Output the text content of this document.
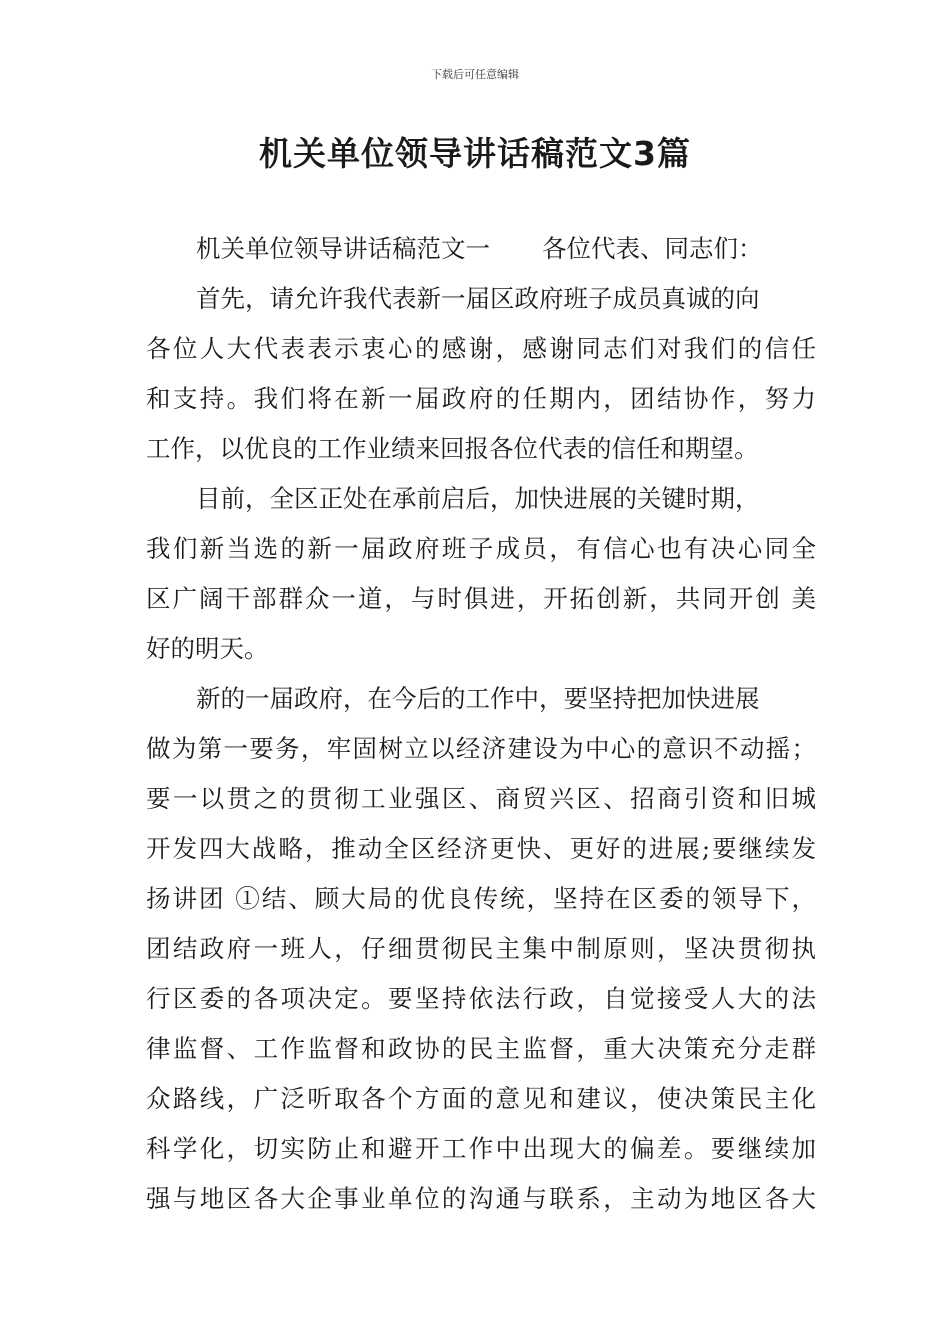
下载后可任意编辑
机关单位领导讲话稿范文3篇
机关单位领导讲话稿范文一 各位代表、同志们：
首先，请允许我代表新一届区政府班子成员真诚的向
各位人大代表表示衷心的感谢，感谢同志们对我们的信任
和支持。我们将在新一届政府的任期内，团结协作，努力
工作，以优良的工作业绩来回报各位代表的信任和期望。
目前，全区正处在承前启后，加快进展的关键时期，
我们新当选的新一届政府班子成员，有信心也有决心同全
区广阔干部群众一道，与时俱进，开拓创新，共同开创 美
好的明天。
新的一届政府，在今后的工作中，要坚持把加快进展
做为第一要务，牢固树立以经济建设为中心的意识不动摇；
要一以贯之的贯彻工业强区、商贸兴区、招商引资和旧城
开发四大战略，推动全区经济更快、更好的进展;要继续发
扬讲团 ①结、顾大局的优良传统，坚持在区委的领导下，
团结政府一班人，仔细贯彻民主集中制原则，坚决贯彻执
行区委的各项决定。要坚持依法行政，自觉接受人大的法
律监督、工作监督和政协的民主监督，重大决策充分走群
众路线，广泛听取各个方面的意见和建议，使决策民主化
科学化，切实防止和避开工作中出现大的偏差。要继续加
强与地区各大企事业单位的沟通与联系，主动为地区各大
